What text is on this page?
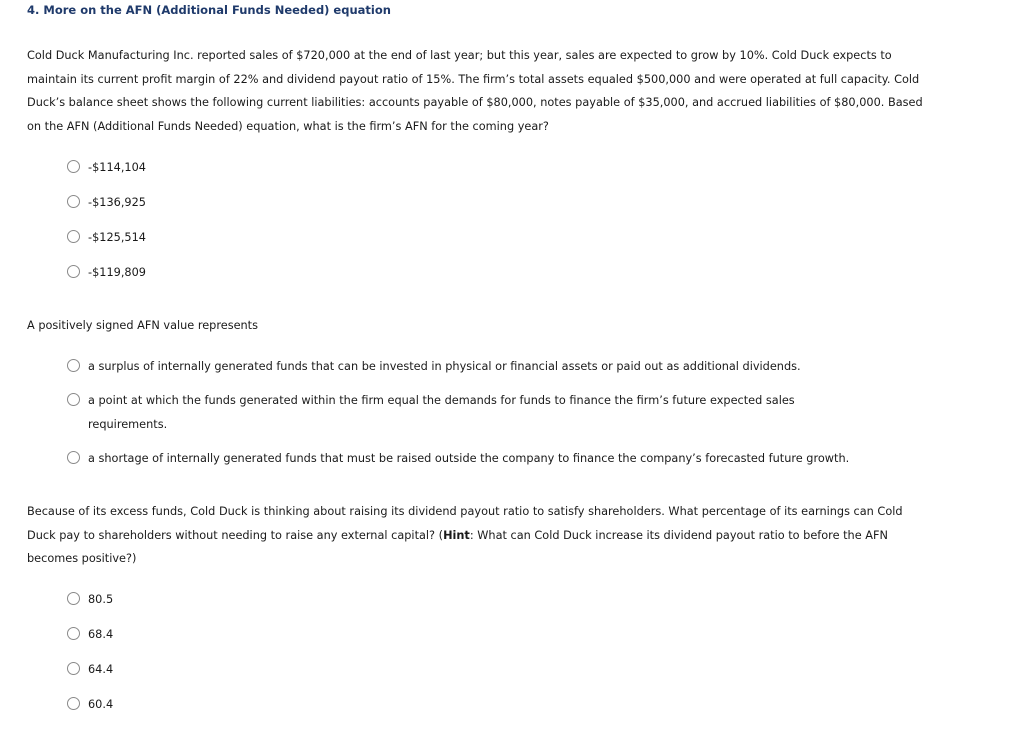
4. More on the AFN (Additional Funds Needed) equation
Cold Duck Manufacturing Inc. reported sales of $720,000 at the end of last year; but this year, sales are expected to grow by 10%. Cold Duck expects to maintain its current profit margin of 22% and dividend payout ratio of 15%. The firm’s total assets equaled $500,000 and were operated at full capacity. Cold Duck’s balance sheet shows the following current liabilities: accounts payable of $80,000, notes payable of $35,000, and accrued liabilities of $80,000. Based on the AFN (Additional Funds Needed) equation, what is the firm’s AFN for the coming year?
-$114,104
-$136,925
-$125,514
-$119,809
A positively signed AFN value represents
a surplus of internally generated funds that can be invested in physical or financial assets or paid out as additional dividends.
a point at which the funds generated within the firm equal the demands for funds to finance the firm’s future expected sales requirements.
a shortage of internally generated funds that must be raised outside the company to finance the company’s forecasted future growth.
Because of its excess funds, Cold Duck is thinking about raising its dividend payout ratio to satisfy shareholders. What percentage of its earnings can Cold Duck pay to shareholders without needing to raise any external capital? (Hint: What can Cold Duck increase its dividend payout ratio to before the AFN becomes positive?)
80.5
68.4
64.4
60.4
